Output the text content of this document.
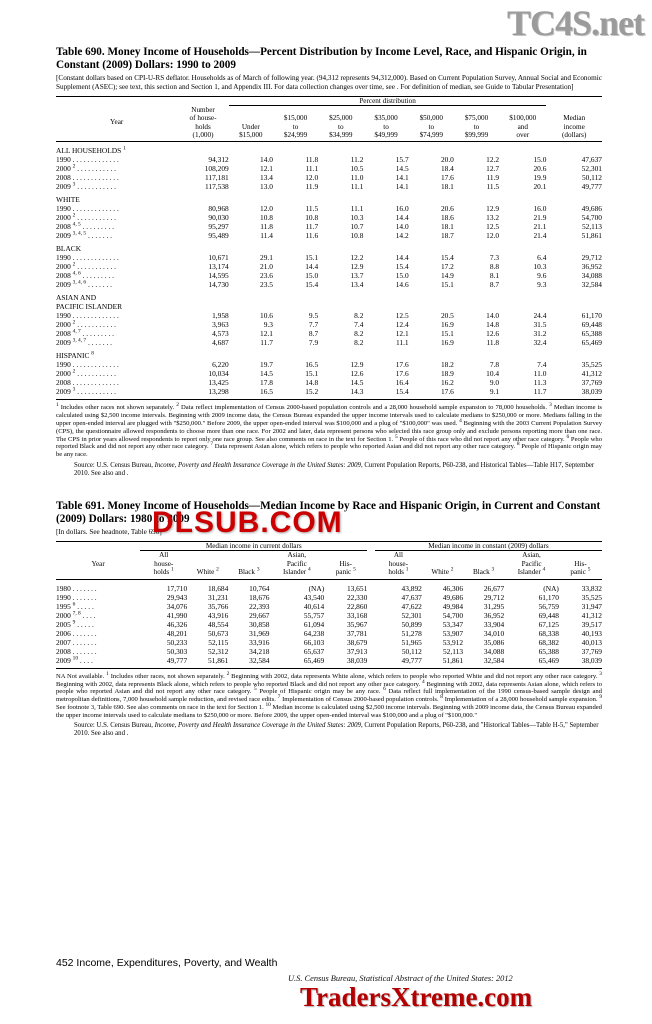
TC4S.net
DLSUB.COM
TradersXtreme.com
Table 690. Money Income of Households—Percent Distribution by Income Level, Race, and Hispanic Origin, in Constant (2009) Dollars: 1990 to 2009
[Constant dollars based on CPI-U-RS deflator. Households as of March of following year. (94,312 represents 94,312,000). Based on Current Population Survey, Annual Social and Economic Supplement (ASEC); see text, this section and Section 1, and Appendix III. For data collection changes over time, see . For definition of median, see Guide to Tabular Presentation]
		Percent distribution							
Year	Number
of house-
holds
(1,000)	Under
$15,000	$15,000
to
$24,999	$25,000
to
$34,999	$35,000
to
$49,999	$50,000
to
$74,999	$75,000
to
$99,999	$100,000
and
over	Median
income
(dollars)

ALL HOUSEHOLDS $^1$
1990 . . . . . . . . . . . . .	94,312	14.0	11.8	11.2	15.7	20.0	12.2	15.0	47,637
2000 $^2$ . . . . . . . . . . .	108,209	12.1	11.1	10.5	14.5	18.4	12.7	20.6	52,301
2008 . . . . . . . . . . . . .	117,181	13.4	12.0	11.0	14.1	17.6	11.9	19.9	50,112
2009 $^3$ . . . . . . . . . . .	117,538	13.0	11.9	11.1	14.1	18.1	11.5	20.1	49,777

WHITE									
1990 . . . . . . . . . . . . .	80,968	12.0	11.5	11.1	16.0	20.6	12.9	16.0	49,686
2000 $^2$ . . . . . . . . . . .	90,030	10.8	10.8	10.3	14.4	18.6	13.2	21.9	54,700
2008 $^{4, 5}$ . . . . . . . . .	95,297	11.8	11.7	10.7	14.0	18.1	12.5	21.1	52,113
2009 $^{3, 4, 5}$ . . . . . . .	95,489	11.4	11.6	10.8	14.2	18.7	12.0	21.4	51,861

BLACK									
1990 . . . . . . . . . . . . .	10,671	29.1	15.1	12.2	14.4	15.4	7.3	6.4	29,712
2000 $^2$ . . . . . . . . . . .	13,174	21.0	14.4	12.9	15.4	17.2	8.8	10.3	36,952
2008 $^{4, 6}$ . . . . . . . . .	14,595	23.6	15.0	13.7	15.0	14.9	8.1	9.6	34,088
2009 $^{3, 4, 6}$ . . . . . . .	14,730	23.5	15.4	13.4	14.6	15.1	8.7	9.3	32,584

ASIAN AND									
PACIFIC ISLANDER									
1990 . . . . . . . . . . . . .	1,958	10.6	9.5	8.2	12.5	20.5	14.0	24.4	61,170
2000 $^2$ . . . . . . . . . . .	3,963	9.3	7.7	7.4	12.4	16.9	14.8	31.5	69,448
2008 $^{4, 7}$ . . . . . . . . .	4,573	12.1	8.7	8.2	12.1	15.1	12.6	31.2	65,388
2009 $^{3, 4, 7}$ . . . . . . .	4,687	11.7	7.9	8.2	11.1	16.9	11.8	32.4	65,469

HISPANIC $^8$
1990 . . . . . . . . . . . . .	6,220	19.7	16.5	12.9	17.6	18.2	7.8	7.4	35,525
2000 $^2$ . . . . . . . . . . .	10,034	14.5	15.1	12.6	17.6	18.9	10.4	11.0	41,312
2008 . . . . . . . . . . . . .	13,425	17.8	14.8	14.5	16.4	16.2	9.0	11.3	37,769
2009 $^3$ . . . . . . . . . . .	13,298	16.5	15.2	14.3	15.4	17.6	9.1	11.7	38,039

$^1$ Includes other races not shown separately. $^2$ Data reflect implementation of Census 2000-based population controls and a 28,000 household sample expansion to 78,000 households. $^3$ Median income is calculated using $2,500 income intervals. Beginning with 2009 income data, the Census Bureau expanded the upper income intervals used to calculate medians to $250,000 or more. Medians falling in the upper open-ended interval are plugged with "$250,000." Before 2009, the upper open-ended interval was $100,000 and a plug of "$100,000" was used. $^4$ Beginning with the 2003 Current Population Survey (CPS), the questionnaire allowed respondents to choose more than one race. For 2002 and later, data represent persons who selected this race group only and exclude persons reporting more than one race. The CPS in prior years allowed respondents to report only one race group. See also comments on race in the text for Section 1. $^5$ People of this race who did not report any other race category. $^6$ People who reported Black and did not report any other race category. $^7$ Data represent Asian alone, which refers to people who reported Asian and did not report any other race category. $^8$ People of Hispanic origin may be any race.
Source: U.S. Census Bureau, Income, Poverty and Health Insurance Coverage in the United States: 2009, Current Population Reports, P60-238, and Historical Tables—Table H17, September 2010. See also and .
Table 691. Money Income of Households—Median Income by Race and Hispanic Origin, in Current and Constant (2009) Dollars: 1980 to 2009
[In dollars. See headnote, Table 690]
	Median income in current dollars						Median income in constant (2009) dollars				
Year	All
house-
holds $^1$	White $^2$	Black $^3$	Asian,
Pacific
Islander $^4$	His-
panic $^5$		All
house-
holds $^1$	White $^2$	Black $^3$	Asian,
Pacific
Islander $^4$	His-
panic $^5$

1980 . . . . . . .	17,710	18,684	10,764	(NA)	13,651		43,892	46,306	26,677	(NA)	33,832
1990 . . . . . . .	29,943	31,231	18,676	43,540	22,330		47,637	49,686	29,712	61,170	35,525
1995 $^6$ . . . . .	34,076	35,766	22,393	40,614	22,860		47,622	49,984	31,295	56,759	31,947
2000 $^{7, 8}$ . . . .	41,990	43,916	29,667	55,757	33,168		52,301	54,700	36,952	69,448	41,312
2005 $^9$ . . . . .	46,326	48,554	30,858	61,094	35,967		50,899	53,347	33,904	67,125	39,517
2006 . . . . . . .	48,201	50,673	31,969	64,238	37,781		51,278	53,907	34,010	68,338	40,193
2007 . . . . . . .	50,233	52,115	33,916	66,103	38,679		51,965	53,912	35,086	68,382	40,013
2008 . . . . . . .	50,303	52,312	34,218	65,637	37,913		50,112	52,113	34,088	65,388	37,769
2009 $^{10}$ . . . .	49,777	51,861	32,584	65,469	38,039		49,777	51,861	32,584	65,469	38,039

NA Not available. $^1$ Includes other races, not shown separately. $^2$ Beginning with 2002, data represents White alone, which refers to people who reported White and did not report any other race category. $^3$ Beginning with 2002, data represents Black alone, which refers to people who reported Black and did not report any other race category. $^4$ Beginning with 2002, data represents Asian alone, which refers to people who reported Asian and did not report any other race category. $^5$ People of Hispanic origin may be any race. $^6$ Data reflect full implementation of the 1990 census-based sample design and metropolitan definitions, 7,000 household sample reduction, and revised race edits. $^7$ Implementation of Census 2000-based population controls. $^8$ Implementation of a 28,000 household sample expansion. $^9$ See footnote 3, Table 690. See also comments on race in the text for Section 1. $^{10}$ Median income is calculated using $2,500 income intervals. Beginning with 2009 income data, the Census Bureau expanded the upper income intervals used to calculate medians to $250,000 or more. Before 2009, the upper open-ended interval was $100,000 and a plug of "$100,000."
Source: U.S. Census Bureau, Income, Poverty and Health Insurance Coverage in the United States: 2009, Current Population Reports, P60-238, and "Historical Tables—Table H-5," September 2010. See also and .
452 Income, Expenditures, Poverty, and Wealth
U.S. Census Bureau, Statistical Abstract of the United States: 2012
